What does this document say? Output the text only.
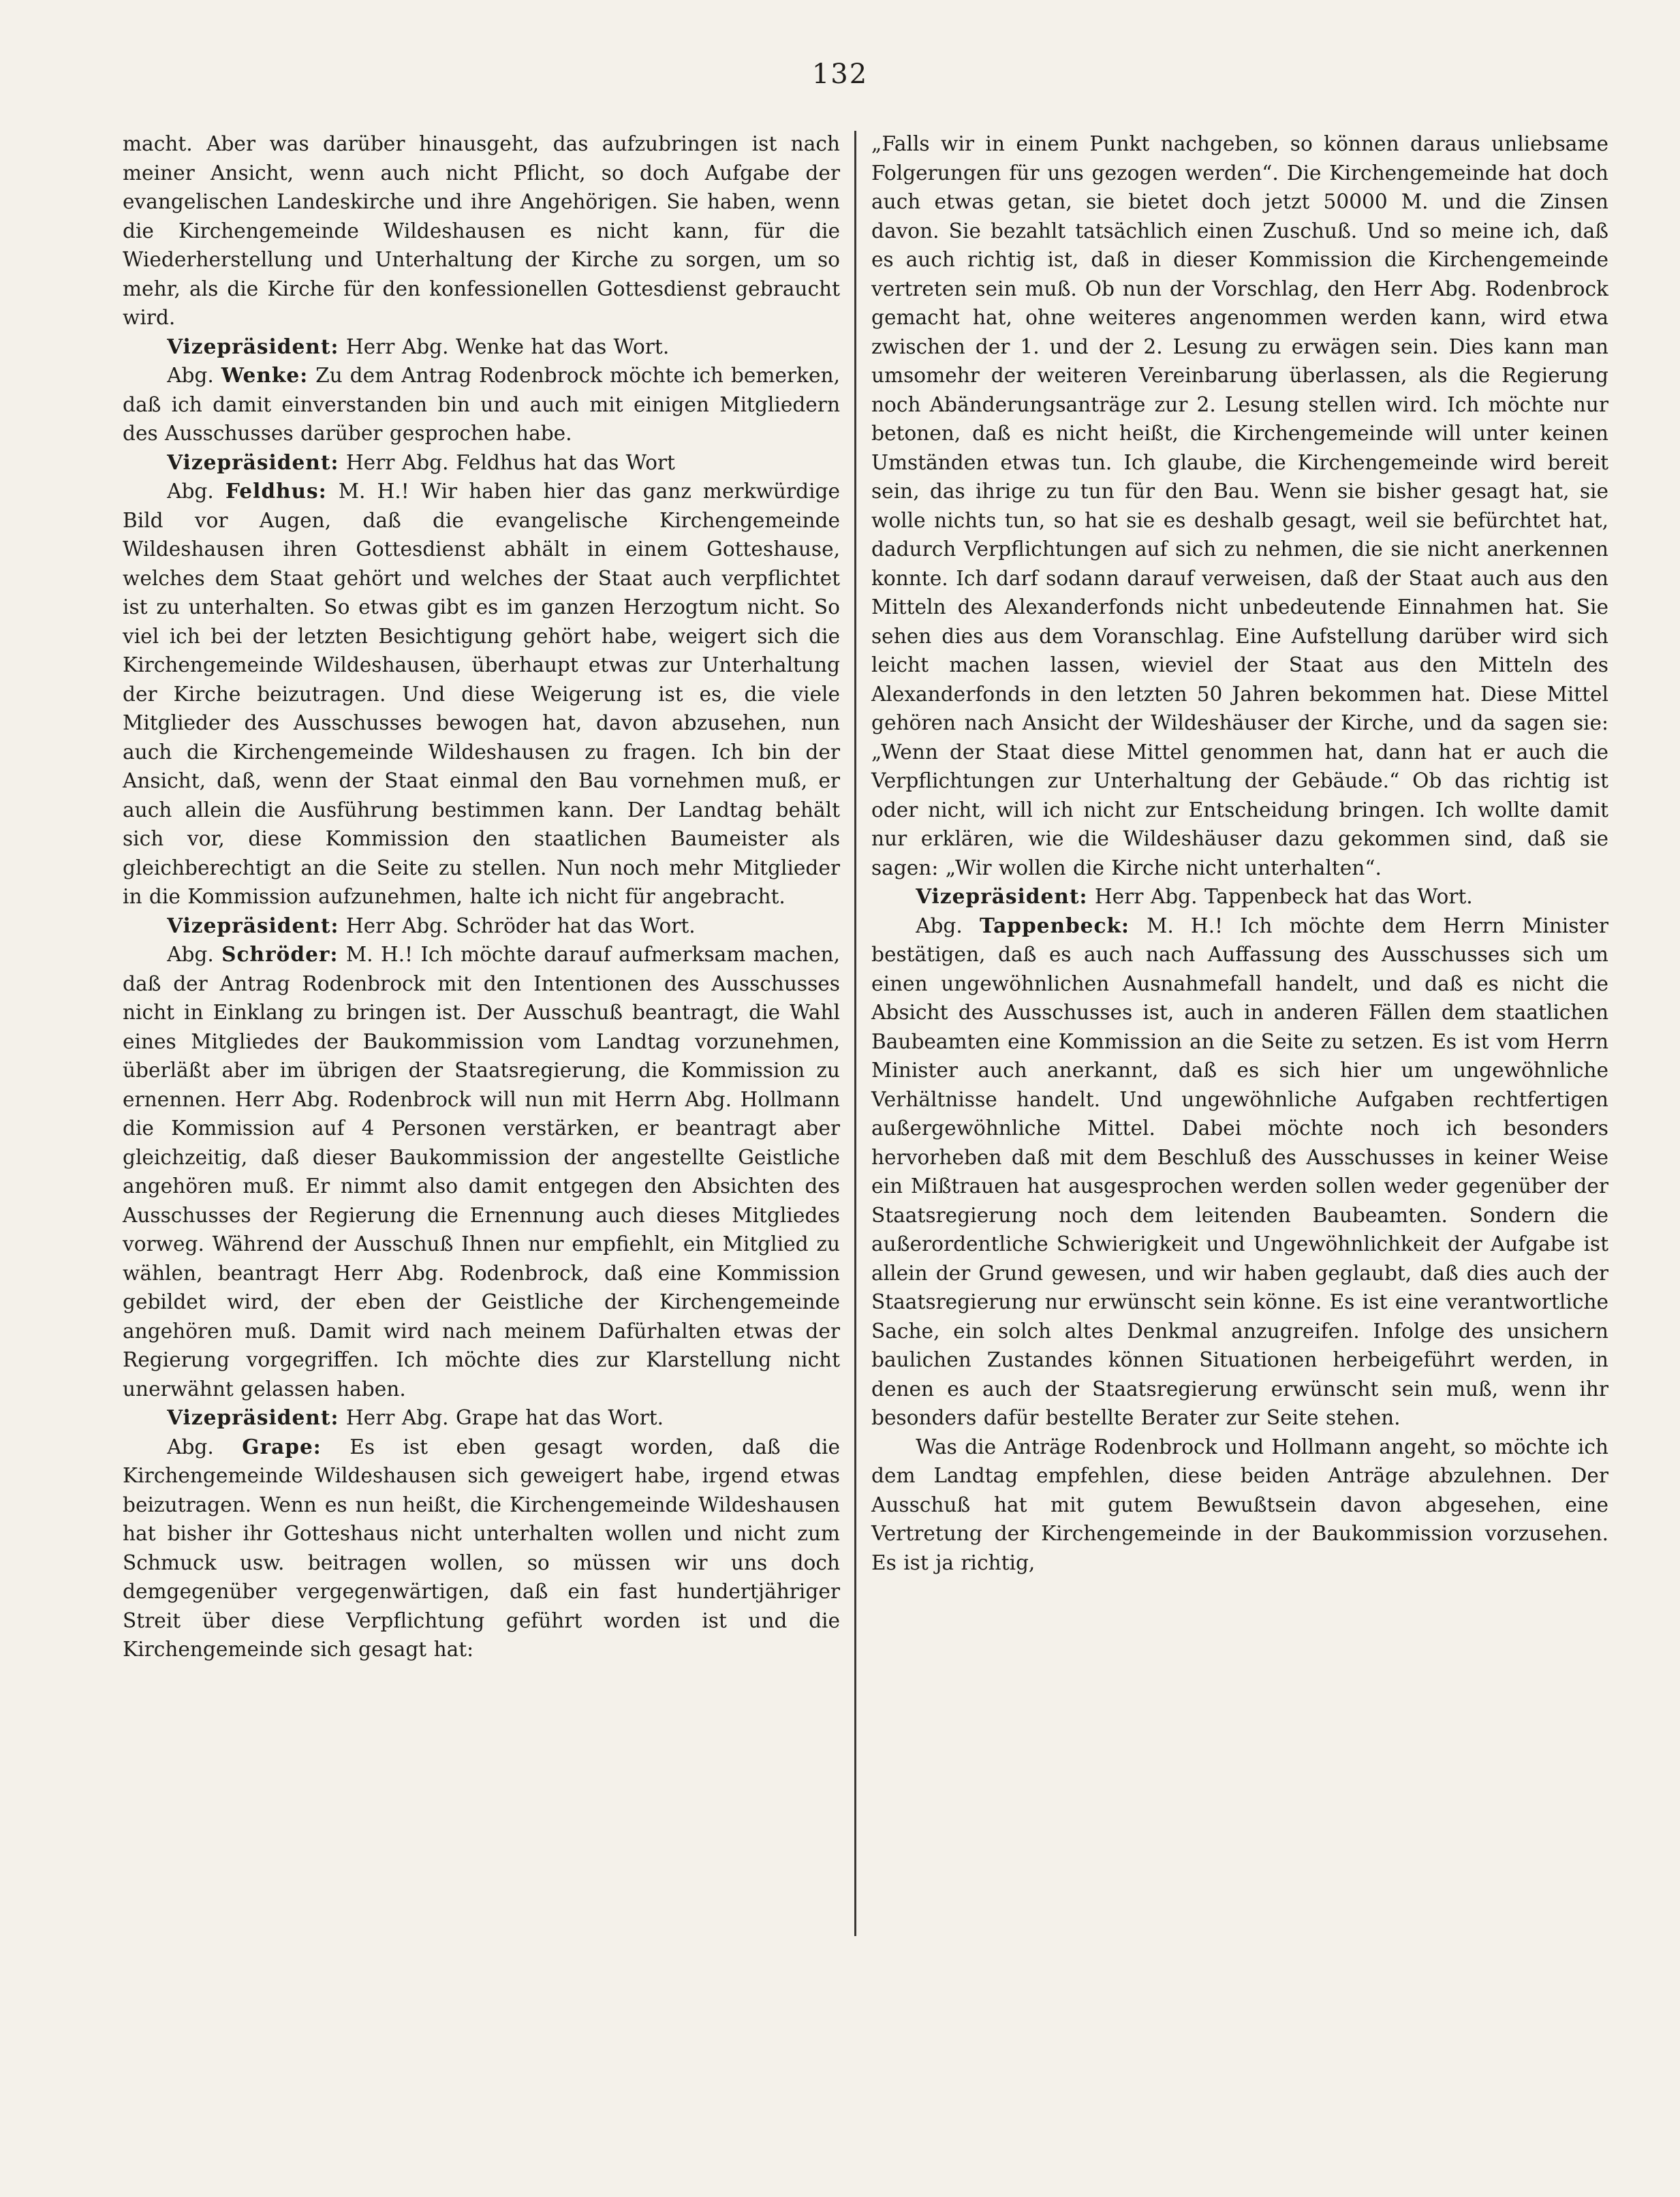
132

macht. Aber was darüber hinausgeht, das aufzubringen ist nach meiner Ansicht, wenn auch nicht Pflicht, so doch Aufgabe der evangelischen Landeskirche und ihre Angehörigen. Sie haben, wenn die Kirchengemeinde Wildeshausen es nicht kann, für die Wiederherstellung und Unterhaltung der Kirche zu sorgen, um so mehr, als die Kirche für den konfessionellen Gottesdienst gebraucht wird.

Vizepräsident: Herr Abg. Wenke hat das Wort.

Abg. Wenke: Zu dem Antrag Rodenbrock möchte ich bemerken, daß ich damit einverstanden bin und auch mit einigen Mitgliedern des Ausschusses darüber gesprochen habe.

Vizepräsident: Herr Abg. Feldhus hat das Wort

Abg. Feldhus: M. H.! Wir haben hier das ganz merkwürdige Bild vor Augen, daß die evangelische Kirchengemeinde Wildeshausen ihren Gottesdienst abhält in einem Gotteshause, welches dem Staat gehört und welches der Staat auch verpflichtet ist zu unterhalten. So etwas gibt es im ganzen Herzogtum nicht. So viel ich bei der letzten Besichtigung gehört habe, weigert sich die Kirchengemeinde Wildeshausen, überhaupt etwas zur Unterhaltung der Kirche beizutragen. Und diese Weigerung ist es, die viele Mitglieder des Ausschusses bewogen hat, davon abzusehen, nun auch die Kirchengemeinde Wildeshausen zu fragen. Ich bin der Ansicht, daß, wenn der Staat einmal den Bau vornehmen muß, er auch allein die Ausführung bestimmen kann. Der Landtag behält sich vor, diese Kommission den staatlichen Baumeister als gleichberechtigt an die Seite zu stellen. Nun noch mehr Mitglieder in die Kommission aufzunehmen, halte ich nicht für angebracht.

Vizepräsident: Herr Abg. Schröder hat das Wort.

Abg. Schröder: M. H.! Ich möchte darauf aufmerksam machen, daß der Antrag Rodenbrock mit den Intentionen des Ausschusses nicht in Einklang zu bringen ist. Der Ausschuß beantragt, die Wahl eines Mitgliedes der Baukommission vom Landtag vorzunehmen, überläßt aber im übrigen der Staatsregierung, die Kommission zu ernennen. Herr Abg. Rodenbrock will nun mit Herrn Abg. Hollmann die Kommission auf 4 Personen verstärken, er beantragt aber gleichzeitig, daß dieser Baukommission der angestellte Geistliche angehören muß. Er nimmt also damit entgegen den Absichten des Ausschusses der Regierung die Ernennung auch dieses Mitgliedes vorweg. Während der Ausschuß Ihnen nur empfiehlt, ein Mitglied zu wählen, beantragt Herr Abg. Rodenbrock, daß eine Kommission gebildet wird, der eben der Geistliche der Kirchengemeinde angehören muß. Damit wird nach meinem Dafürhalten etwas der Regierung vorgegriffen. Ich möchte dies zur Klarstellung nicht unerwähnt gelassen haben.

Vizepräsident: Herr Abg. Grape hat das Wort.

Abg. Grape: Es ist eben gesagt worden, daß die Kirchengemeinde Wildeshausen sich geweigert habe, irgend etwas beizutragen. Wenn es nun heißt, die Kirchengemeinde Wildeshausen hat bisher ihr Gotteshaus nicht unterhalten wollen und nicht zum Schmuck usw. beitragen wollen, so müssen wir uns doch demgegenüber vergegenwärtigen, daß ein fast hundertjähriger Streit über diese Verpflichtung geführt worden ist und die Kirchengemeinde sich gesagt hat:

„Falls wir in einem Punkt nachgeben, so können daraus unliebsame Folgerungen für uns gezogen werden“. Die Kirchengemeinde hat doch auch etwas getan, sie bietet doch jetzt 50000 M. und die Zinsen davon. Sie bezahlt tatsächlich einen Zuschuß. Und so meine ich, daß es auch richtig ist, daß in dieser Kommission die Kirchengemeinde vertreten sein muß. Ob nun der Vorschlag, den Herr Abg. Rodenbrock gemacht hat, ohne weiteres angenommen werden kann, wird etwa zwischen der 1. und der 2. Lesung zu erwägen sein. Dies kann man umsomehr der weiteren Vereinbarung überlassen, als die Regierung noch Abänderungsanträge zur 2. Lesung stellen wird. Ich möchte nur betonen, daß es nicht heißt, die Kirchengemeinde will unter keinen Umständen etwas tun. Ich glaube, die Kirchengemeinde wird bereit sein, das ihrige zu tun für den Bau. Wenn sie bisher gesagt hat, sie wolle nichts tun, so hat sie es deshalb gesagt, weil sie befürchtet hat, dadurch Verpflichtungen auf sich zu nehmen, die sie nicht anerkennen konnte. Ich darf sodann darauf verweisen, daß der Staat auch aus den Mitteln des Alexanderfonds nicht unbedeutende Einnahmen hat. Sie sehen dies aus dem Voranschlag. Eine Aufstellung darüber wird sich leicht machen lassen, wieviel der Staat aus den Mitteln des Alexanderfonds in den letzten 50 Jahren bekommen hat. Diese Mittel gehören nach Ansicht der Wildeshäuser der Kirche, und da sagen sie: „Wenn der Staat diese Mittel genommen hat, dann hat er auch die Verpflichtungen zur Unterhaltung der Gebäude.“ Ob das richtig ist oder nicht, will ich nicht zur Entscheidung bringen. Ich wollte damit nur erklären, wie die Wildeshäuser dazu gekommen sind, daß sie sagen: „Wir wollen die Kirche nicht unterhalten“.

Vizepräsident: Herr Abg. Tappenbeck hat das Wort.

Abg. Tappenbeck: M. H.! Ich möchte dem Herrn Minister bestätigen, daß es auch nach Auffassung des Ausschusses sich um einen ungewöhnlichen Ausnahmefall handelt, und daß es nicht die Absicht des Ausschusses ist, auch in anderen Fällen dem staatlichen Baubeamten eine Kommission an die Seite zu setzen. Es ist vom Herrn Minister auch anerkannt, daß es sich hier um ungewöhnliche Verhältnisse handelt. Und ungewöhnliche Aufgaben rechtfertigen außergewöhnliche Mittel. Dabei möchte noch ich besonders hervorheben daß mit dem Beschluß des Ausschusses in keiner Weise ein Mißtrauen hat ausgesprochen werden sollen weder gegenüber der Staatsregierung noch dem leitenden Baubeamten. Sondern die außerordentliche Schwierigkeit und Ungewöhnlichkeit der Aufgabe ist allein der Grund gewesen, und wir haben geglaubt, daß dies auch der Staatsregierung nur erwünscht sein könne. Es ist eine verantwortliche Sache, ein solch altes Denkmal anzugreifen. Infolge des unsichern baulichen Zustandes können Situationen herbeigeführt werden, in denen es auch der Staatsregierung erwünscht sein muß, wenn ihr besonders dafür bestellte Berater zur Seite stehen.

Was die Anträge Rodenbrock und Hollmann angeht, so möchte ich dem Landtag empfehlen, diese beiden Anträge abzulehnen. Der Ausschuß hat mit gutem Bewußtsein davon abgesehen, eine Vertretung der Kirchengemeinde in der Baukommission vorzusehen. Es ist ja richtig,
